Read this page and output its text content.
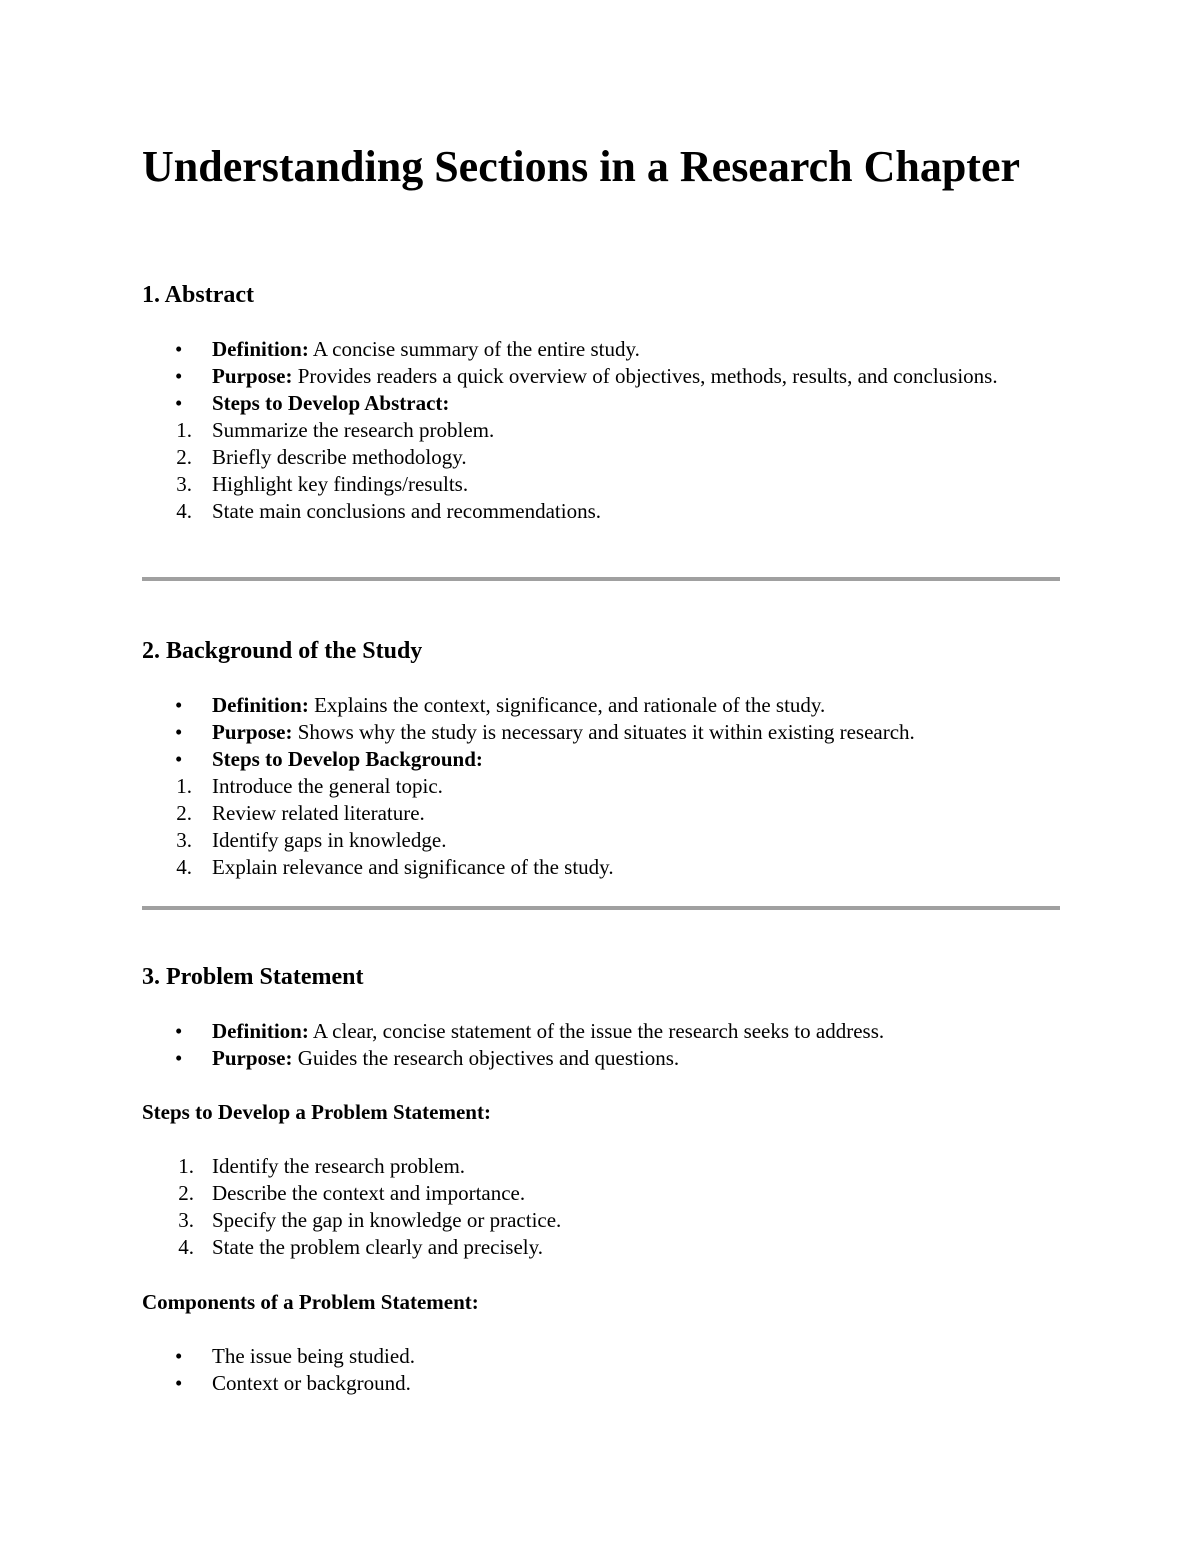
Understanding Sections in a Research Chapter
1. Abstract
• Definition: A concise summary of the entire study.
• Purpose: Provides readers a quick overview of objectives, methods, results, and conclusions.
• Steps to Develop Abstract:
1. Summarize the research problem.
2. Briefly describe methodology.
3. Highlight key findings/results.
4. State main conclusions and recommendations.
2. Background of the Study
• Definition: Explains the context, significance, and rationale of the study.
• Purpose: Shows why the study is necessary and situates it within existing research.
• Steps to Develop Background:
1. Introduce the general topic.
2. Review related literature.
3. Identify gaps in knowledge.
4. Explain relevance and significance of the study.
3. Problem Statement
• Definition: A clear, concise statement of the issue the research seeks to address.
• Purpose: Guides the research objectives and questions.

Steps to Develop a Problem Statement:

1. Identify the research problem.
2. Describe the context and importance.
3. Specify the gap in knowledge or practice.
4. State the problem clearly and precisely.

Components of a Problem Statement:

• The issue being studied.
• Context or background.
